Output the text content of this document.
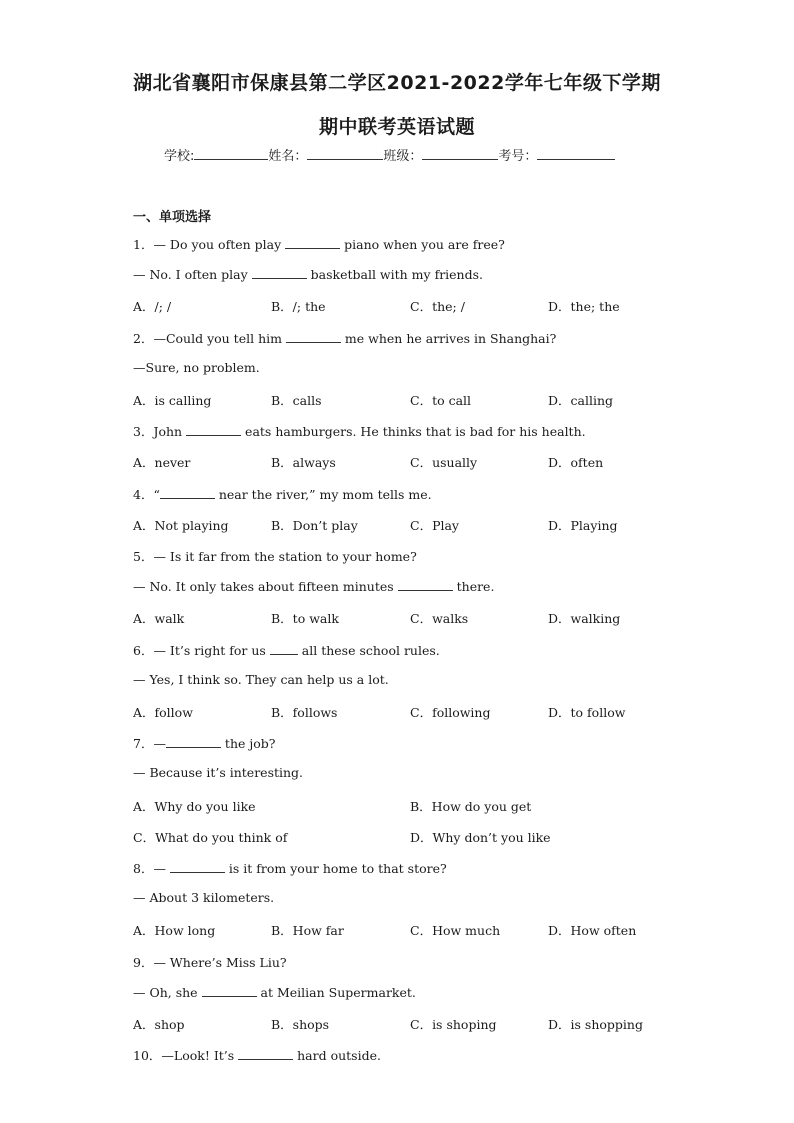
湖北省襄阳市保康县第二学区2021-2022学年七年级下学期
期中联考英语试题
学校:	姓名：	班级：	考号：
一、单项选择
1．— Do you often play	piano when you are free?
— No. I often play	basketball with my friends.
A．/; /	B．/; the	C．the; /	D．the; the
2．—Could you tell him	me when he arrives in Shanghai?
—Sure, no problem.
A．is calling	B．calls	C．to call	D．calling
3．John	eats hamburgers. He thinks that is bad for his health.
A．never	B．always	C．usually	D．often
4．“	near the river,” my mom tells me.
A．Not playing	B．Don’t play	C．Play	D．Playing
5．— Is it far from the station to your home?
— No. It only takes about fifteen minutes	there.
A．walk	B．to walk	C．walks	D．walking
6．— It’s right for us  all these school rules.
— Yes, I think so. They can help us a lot.
A．follow	B．follows	C．following	D．to follow
7．—	the job?
— Because it’s interesting.
A．Why do you like	B．How do you get
C．What do you think of	D．Why don’t you like
8．—	is it from your home to that store?
— About 3 kilometers.
A．How long	B．How far	C．How much	D．How often
9．— Where’s Miss Liu?
— Oh, she	at Meilian Supermarket.
A．shop	B．shops	C．is shoping	D．is shopping
10．—Look! It’s	hard outside.
